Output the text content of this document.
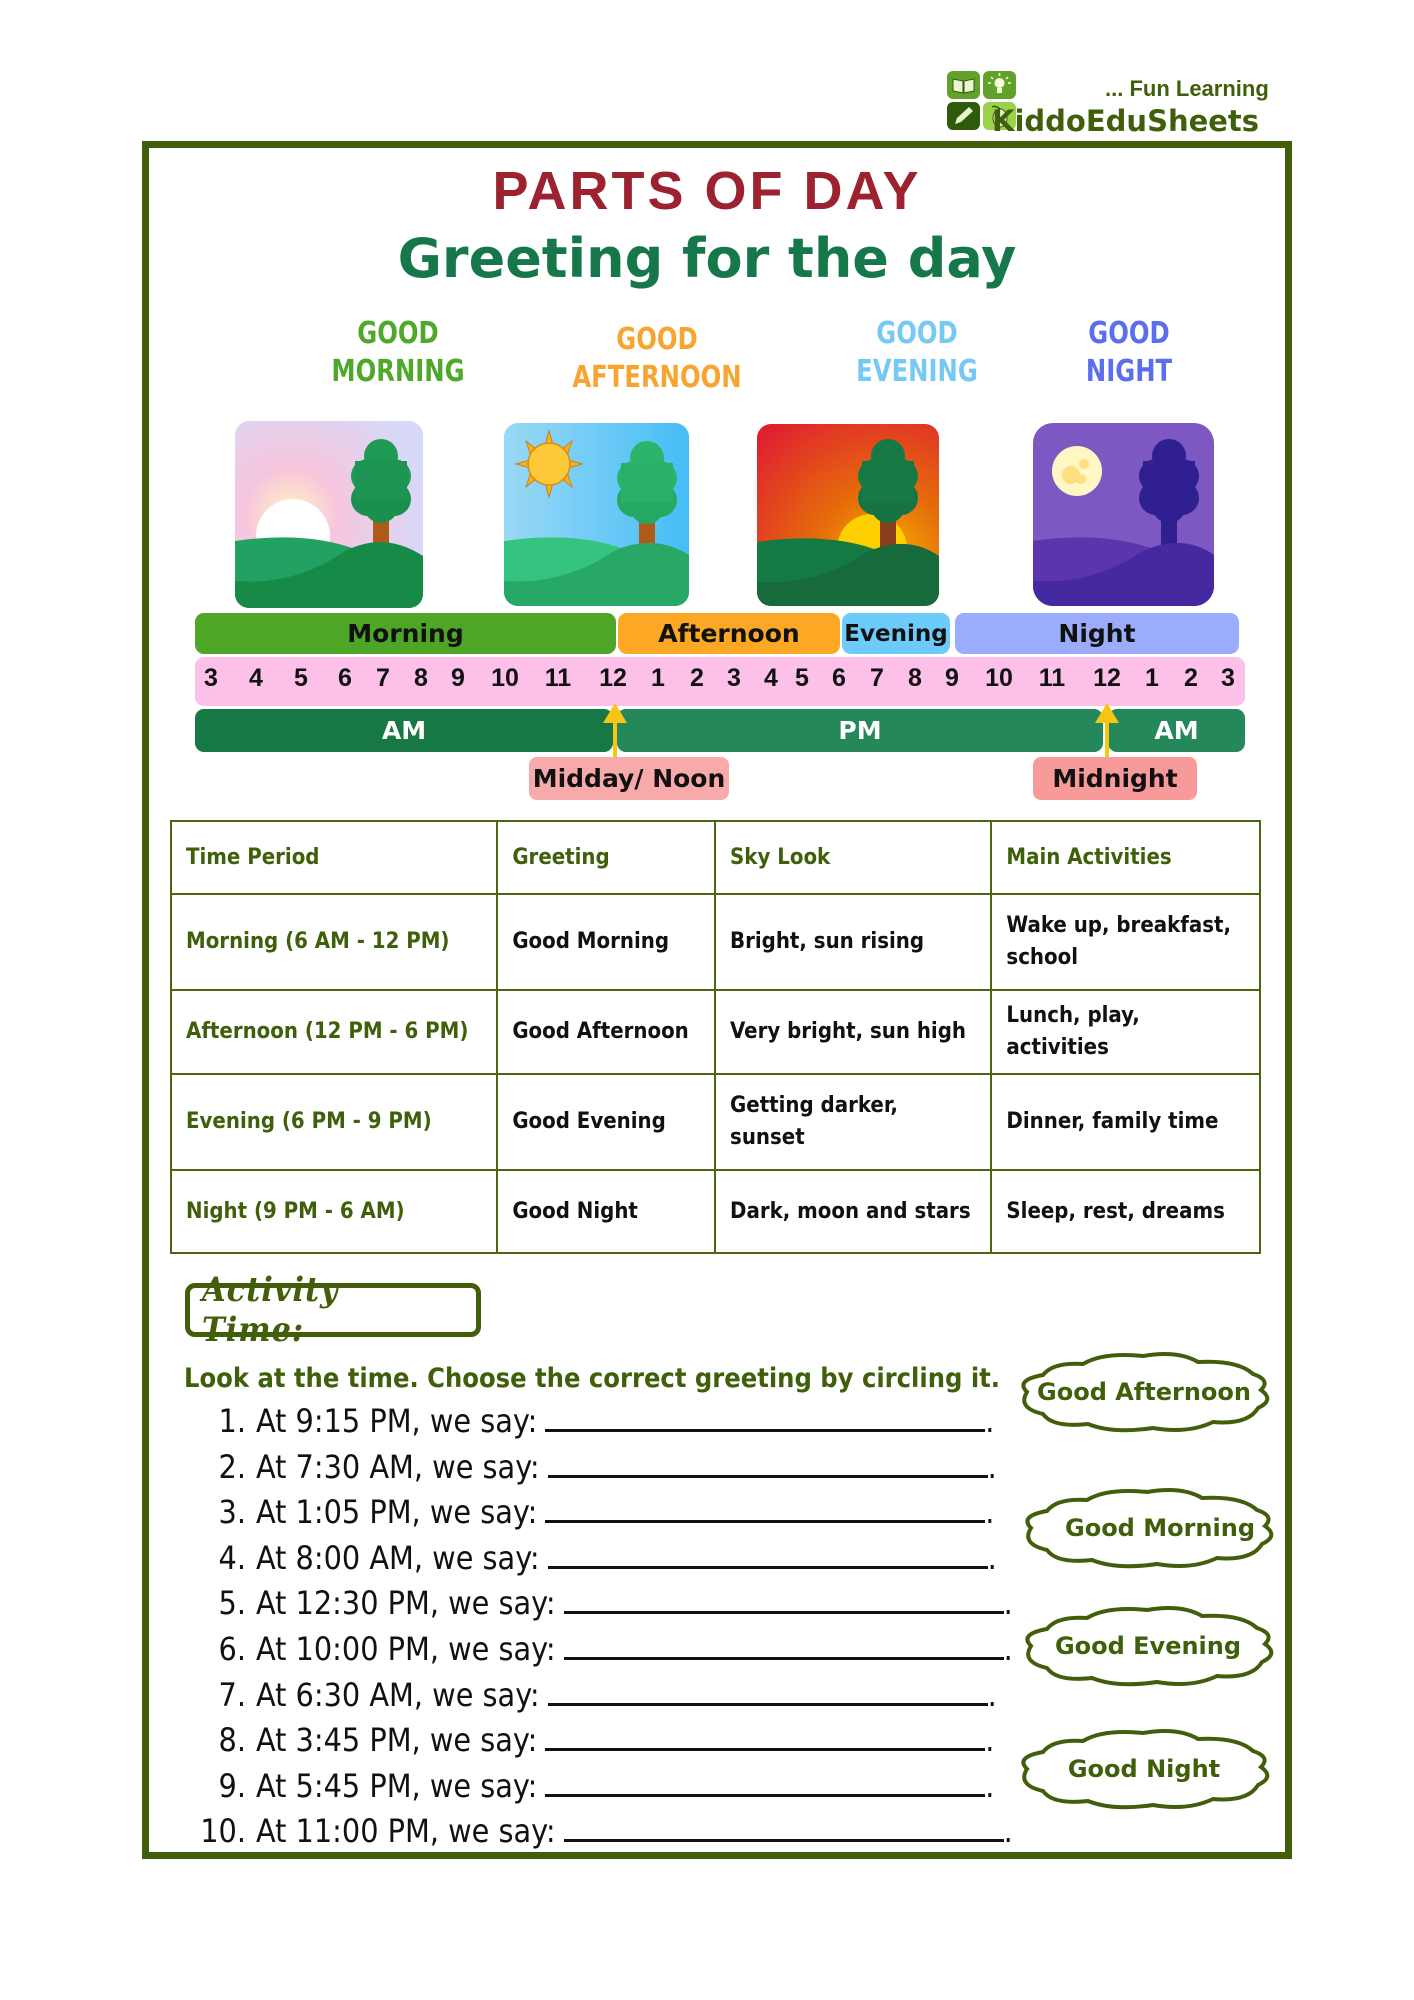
... Fun Learning
KiddoEduSheets
PARTS OF DAY
Greeting for the day
GOOD
MORNING
GOOD
AFTERNOON
GOOD
EVENING
GOOD
NIGHT
Morning	Afternoon Evening	Night
3 4 5 6 7 8 9 10 11 12 1 2 3 4 5 6 7 8 9 10 11 12 1 2 3
AM	PM	AM
Midday/ Noon	Midnight
Time Period	Greeting	Sky Look	Main Activities
Morning (6 AM - 12 PM)	Good Morning	Bright, sun rising	Wake up, breakfast, school
Afternoon (12 PM - 6 PM)	Good Afternoon	Very bright, sun high	Lunch, play, activities
Evening (6 PM - 9 PM)	Good Evening	Getting darker, sunset	Dinner, family time
Night (9 PM - 6 AM)	Good Night	Dark, moon and stars	Sleep, rest, dreams
Activity Time:
Look at the time. Choose the correct greeting by circling it.
1. At 9:15 PM, we say:	.
2. At 7:30 AM, we say:	.
3. At 1:05 PM, we say:	.
4. At 8:00 AM, we say:	.
5. At 12:30 PM, we say:	.
6. At 10:00 PM, we say:	.
7. At 6:30 AM, we say:	.
8. At 3:45 PM, we say:	.
9. At 5:45 PM, we say:	.
10. At 11:00 PM, we say:	.
Good Afternoon
Good Morning
Good Evening
Good Night
